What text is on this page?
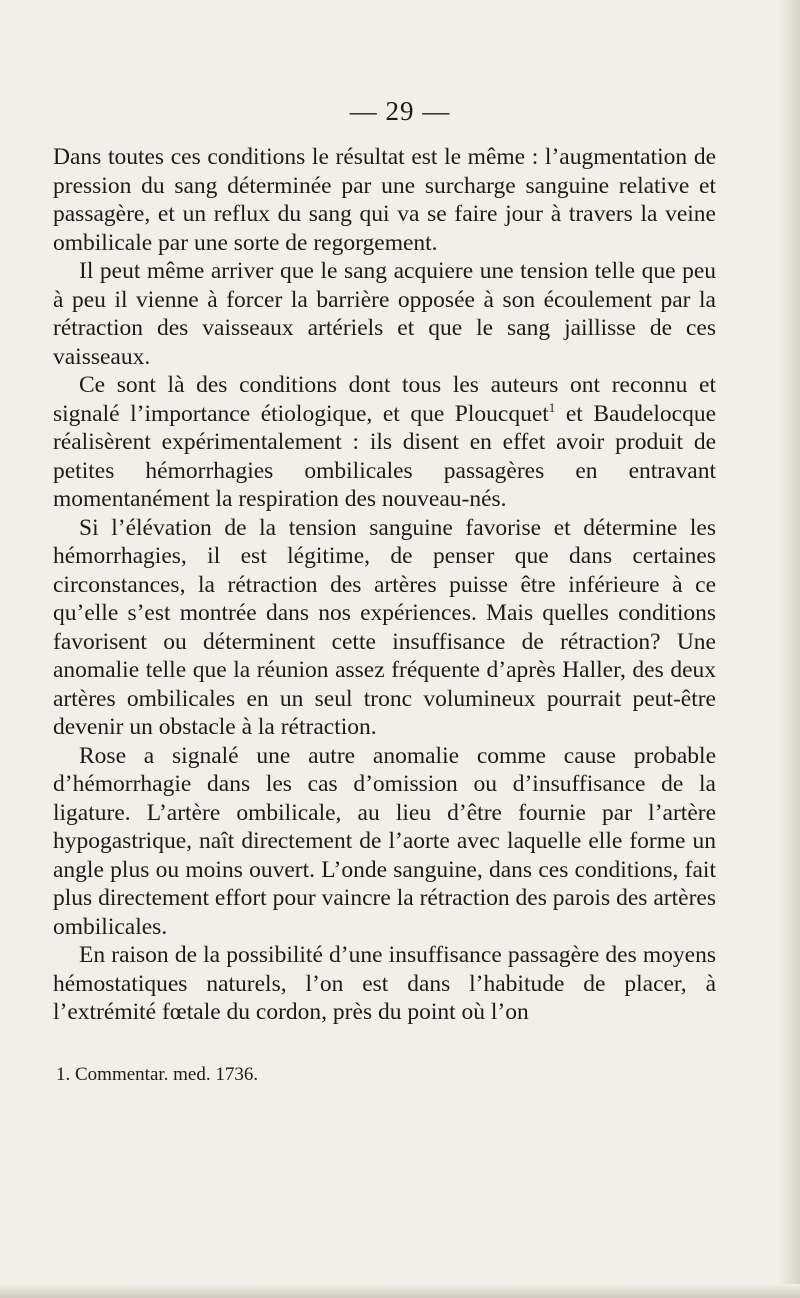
— 29 —

Dans toutes ces conditions le résultat est le même : l’augmentation de pression du sang déterminée par une surcharge sanguine relative et passagère, et un reflux du sang qui va se faire jour à travers la veine ombilicale par une sorte de regorgement.

Il peut même arriver que le sang acquiere une tension telle que peu à peu il vienne à forcer la barrière opposée à son écoulement par la rétraction des vaisseaux artériels et que le sang jaillisse de ces vaisseaux.

Ce sont là des conditions dont tous les auteurs ont reconnu et signalé l’importance étiologique, et que Ploucquet$^1$ et Baudelocque réalisèrent expérimentalement : ils disent en effet avoir produit de petites hémorrhagies ombilicales passagères en entravant momentanément la respiration des nouveau-nés.

Si l’élévation de la tension sanguine favorise et détermine les hémorrhagies, il est légitime, de penser que dans certaines circonstances, la rétraction des artères puisse être inférieure à ce qu’elle s’est montrée dans nos expériences. Mais quelles conditions favorisent ou déterminent cette insuffisance de rétraction? Une anomalie telle que la réunion assez fréquente d’après Haller, des deux artères ombilicales en un seul tronc volumineux pourrait peut-être devenir un obstacle à la rétraction.

Rose a signalé une autre anomalie comme cause probable d’hémorrhagie dans les cas d’omission ou d’insuffisance de la ligature. L’artère ombilicale, au lieu d’être fournie par l’artère hypogastrique, naît directement de l’aorte avec laquelle elle forme un angle plus ou moins ouvert. L’onde sanguine, dans ces conditions, fait plus directement effort pour vaincre la rétraction des parois des artères ombilicales.

En raison de la possibilité d’une insuffisance passagère des moyens hémostatiques naturels, l’on est dans l’habitude de placer, à l’extrémité fœtale du cordon, près du point où l’on

1. Commentar. med. 1736.
